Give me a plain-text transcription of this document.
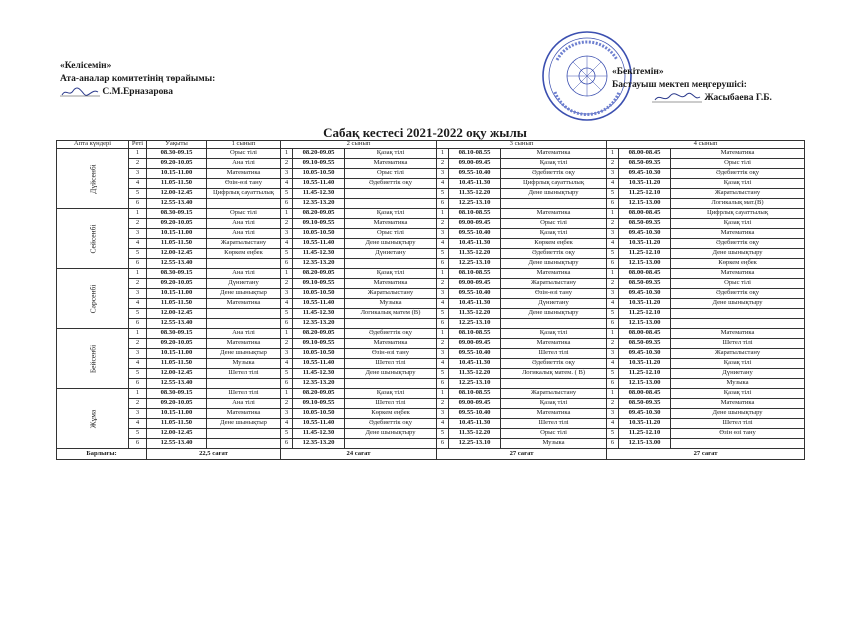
«Келісемін»
Ата-аналар комитетінің төрайымы:
С.М.Ерназарова
«Бекітемін»
Бастауыш мектеп меңгерушісі:
Жасыбаева Г.Б.
Сабақ кестесі 2021-2022 оқу жылы
Апта күндері	Реті	Уақыты	1 сынып	2 сынып			3 сынып			4 сынып		

Дүйсенбі	1	08.30-09.15	Орыс тілі	1	08.20-09.05	Қазақ тілі	1	08.10-08.55	Математика	1	08.00-08.45	Математика
	2	09.20-10.05	Ана тілі	2	09.10-09.55	Математика	2	09.00-09.45	Қазақ тілі	2	08.50-09.35	Орыс тілі
	3	10.15-11.00	Математика	3	10.05-10.50	Орыс тілі	3	09.55-10.40	Әдебиеттік оқу	3	09.45-10.30	Әдебиеттік оқу
	4	11.05-11.50	Өзін-өзі тану	4	10.55-11.40	Әдебиеттік оқу	4	10.45-11.30	Цифрлық сауаттылық	4	10.35-11.20	Қазақ тілі
	5	12.00-12.45	Цифрлық сауаттылық	5	11.45-12.30		5	11.35-12.20	Дене шынықтыру	5	11.25-12.10	Жаратылыстану
	6	12.55-13.40		6	12.35-13.20		6	12.25-13.10		6	12.15-13.00	Логикалық мат.(В)

Сейсенбі	1	08.30-09.15	Орыс тілі	1	08.20-09.05	Қазақ тілі	1	08.10-08.55	Математика	1	08.00-08.45	Цифрлық сауаттылық
	2	09.20-10.05	Ана тілі	2	09.10-09.55	Математика	2	09.00-09.45	Орыс тілі	2	08.50-09.35	Қазақ тілі
	3	10.15-11.00	Ана тілі	3	10.05-10.50	Орыс тілі	3	09.55-10.40	Қазақ тілі	3	09.45-10.30	Математика
	4	11.05-11.50	Жаратылыстану	4	10.55-11.40	Дене шынықтыру	4	10.45-11.30	Көркем еңбек	4	10.35-11.20	Әдебиеттік оқу
	5	12.00-12.45	Көркем еңбек	5	11.45-12.30	Дүниетану	5	11.35-12.20	Әдебиеттік оқу	5	11.25-12.10	Дене шынықтыру
	6	12.55-13.40		6	12.35-13.20		6	12.25-13.10	Дене шынықтыру	6	12.15-13.00	Көркем еңбек

Сәрсенбі	1	08.30-09.15	Ана тілі	1	08.20-09.05	Қазақ тілі	1	08.10-08.55	Математика	1	08.00-08.45	Математика
	2	09.20-10.05	Дүниетану	2	09.10-09.55	Математика	2	09.00-09.45	Жаратылыстану	2	08.50-09.35	Орыс тілі
	3	10.15-11.00	Дене шынықтыр	3	10.05-10.50	Жаратылыстану	3	09.55-10.40	Өзін-өзі тану	3	09.45-10.30	Әдебиеттік оқу
	4	11.05-11.50	Математика	4	10.55-11.40	Музыка	4	10.45-11.30	Дүниетану	4	10.35-11.20	Дене шынықтыру
	5	12.00-12.45		5	11.45-12.30	Логикалық матем (В)	5	11.35-12.20	Дене шынықтыру	5	11.25-12.10	
	6	12.55-13.40		6	12.35-13.20		6	12.25-13.10		6	12.15-13.00	

Бейсенбі	1	08.30-09.15	Ана тілі	1	08.20-09.05	Әдебиеттік оқу	1	08.10-08.55	Қазақ тілі	1	08.00-08.45	Математика
	2	09.20-10.05	Математика	2	09.10-09.55	Математика	2	09.00-09.45	Математика	2	08.50-09.35	Шетел тілі
	3	10.15-11.00	Дене шынықтыр	3	10.05-10.50	Өзін-өзі тану	3	09.55-10.40	Шетел тілі	3	09.45-10.30	Жаратылыстану
	4	11.05-11.50	Музыка	4	10.55-11.40	Шетел тілі	4	10.45-11.30	Әдебиеттік оқу	4	10.35-11.20	Қазақ тілі
	5	12.00-12.45	Шетел тілі	5	11.45-12.30	Дене шынықтыру	5	11.35-12.20	Логикалық матем. ( В)	5	11.25-12.10	Дүниетану
	6	12.55-13.40		6	12.35-13.20		6	12.25-13.10		6	12.15-13.00	Музыка

Жұма	1	08.30-09.15	Шетел тілі	1	08.20-09.05	Қазақ тілі	1	08.10-08.55	Жаратылыстану	1	08.00-08.45	Қазақ тілі
	2	09.20-10.05	Ана тілі	2	09.10-09.55	Шетел тілі	2	09.00-09.45	Қазақ тілі	2	08.50-09.35	Математика
	3	10.15-11.00	Математика	3	10.05-10.50	Көркем еңбек	3	09.55-10.40	Математика	3	09.45-10.30	Дене шынықтыру
	4	11.05-11.50	Дене шынықтыр	4	10.55-11.40	Әдебиеттік оқу	4	10.45-11.30	Шетел тілі	4	10.35-11.20	Шетел тілі
	5	12.00-12.45		5	11.45-12.30	Дене шынықтыру	5	11.35-12.20	Орыс тілі	5	11.25-12.10	Өзін өзі тану
	6	12.55-13.40		6	12.35-13.20		6	12.25-13.10	Музыка	6	12.15-13.00	
Барлығы:		22,5 сағат		24 сағат			27 сағат			27 сағат		
